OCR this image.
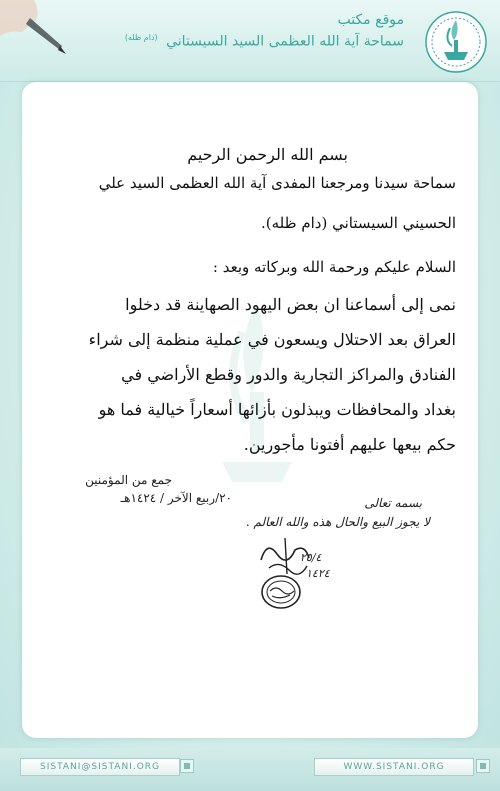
موقع مكتب
سماحة آية الله العظمى السيد السيستاني $^{(دام ظله)}$
بسم الله الرحمن الرحيم
سماحة سيدنا ومرجعنا المفدى آية الله العظمى السيد علي
الحسيني السيستاني (دام ظله).
السلام عليكم ورحمة الله وبركاته وبعد :
نمى إلى أسماعنا ان بعض اليهود الصهاينة قد دخلوا
العراق بعد الاحتلال ويسعون في عملية منظمة إلى شراء
الفنادق والمراكز التجارية والدور وقطع الأراضي في
بغداد والمحافظات ويبذلون بأزائها أسعاراً خيالية فما هو
حكم بيعها عليهم أفتونا مأجورين.
جمع من المؤمنين
٢٠/ربيع الآخر / ١٤٢٤هـ	بسمه تعالى
لا يجوز البيع والحال هذه والله العالم .
٢٥/٤
١٤٢٤
SISTANI@SISTANI.ORG	WWW.SISTANI.ORG
